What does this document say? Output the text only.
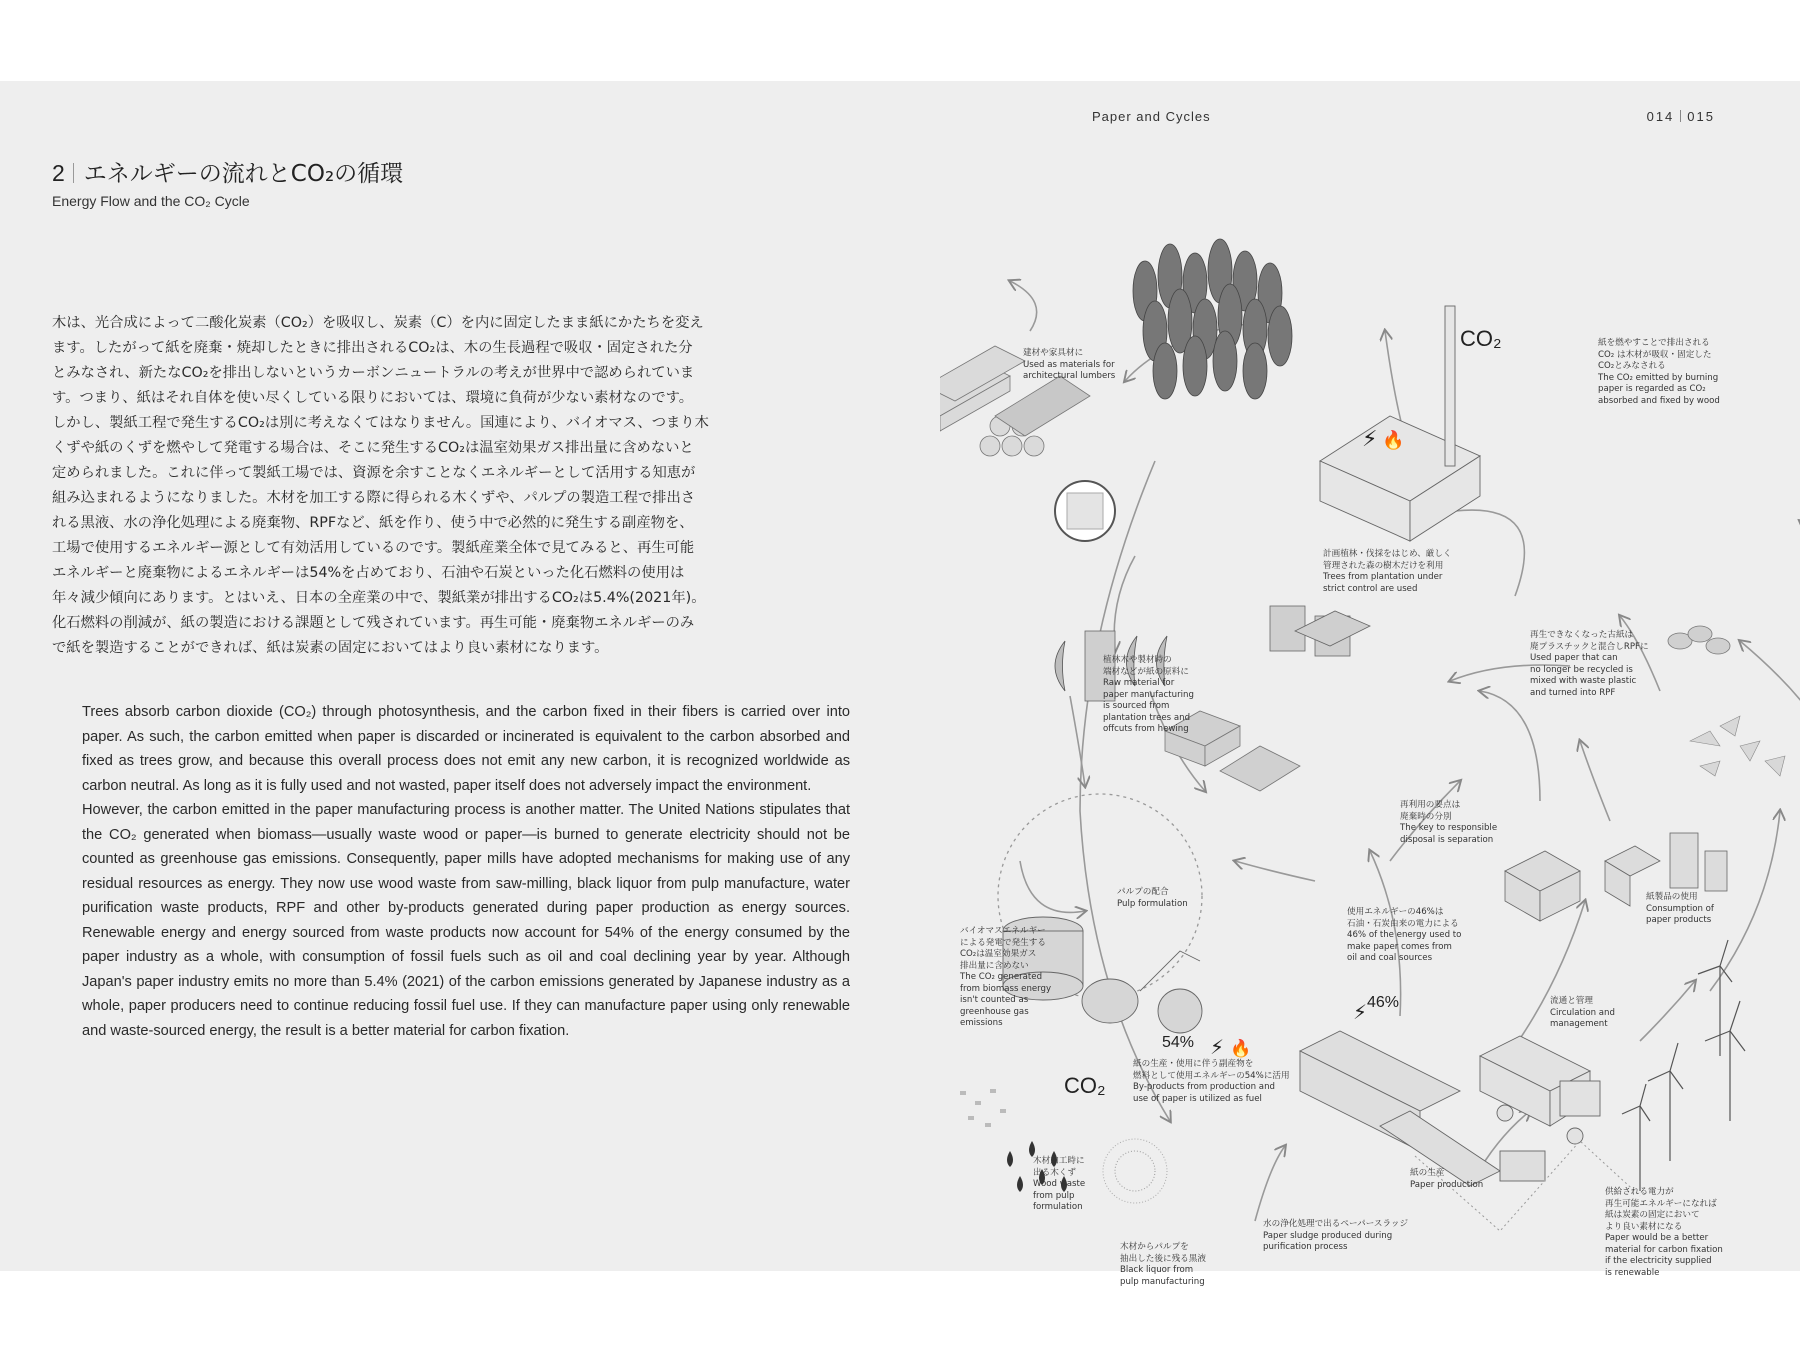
Paper and Cycles	014 015
2 エネルギーの流れとCO₂の循環
Energy Flow and the CO₂ Cycle

木は、光合成によって二酸化炭素（CO₂）を吸収し、炭素（C）を内に固定したまま紙にかたちを変え
ます。したがって紙を廃棄・焼却したときに排出されるCO₂は、木の生長過程で吸収・固定された分
とみなされ、新たなCO₂を排出しないというカーボンニュートラルの考えが世界中で認められていま
す。つまり、紙はそれ自体を使い尽くしている限りにおいては、環境に負荷が少ない素材なのです。

しかし、製紙工程で発生するCO₂は別に考えなくてはなりません。国連により、バイオマス、つまり木
くずや紙のくずを燃やして発電する場合は、そこに発生するCO₂は温室効果ガス排出量に含めないと
定められました。これに伴って製紙工場では、資源を余すことなくエネルギーとして活用する知恵が
組み込まれるようになりました。木材を加工する際に得られる木くずや、パルプの製造工程で排出さ
れる黒液、水の浄化処理による廃棄物、RPFなど、紙を作り、使う中で必然的に発生する副産物を、
工場で使用するエネルギー源として有効活用しているのです。製紙産業全体で見てみると、再生可能
エネルギーと廃棄物によるエネルギーは54%を占めており、石油や石炭といった化石燃料の使用は
年々減少傾向にあります。とはいえ、日本の全産業の中で、製紙業が排出するCO₂は5.4%(2021年)。
化石燃料の削減が、紙の製造における課題として残されています。再生可能・廃棄物エネルギーのみ
で紙を製造することができれば、紙は炭素の固定においてはより良い素材になります。

Trees absorb carbon dioxide (CO₂) through photosynthesis, and the carbon fixed in their fibers is carried over into paper. As such, the carbon emitted when paper is discarded or incinerated is equivalent to the carbon absorbed and fixed as trees grow, and because this overall process does not emit any new carbon, it is recognized worldwide as carbon neutral. As long as it is fully used and not wasted, paper itself does not adversely impact the environment.

However, the carbon emitted in the paper manufacturing process is another matter. The United Nations stipulates that the CO₂ generated when biomass—usually waste wood or paper—is burned to generate electricity should not be counted as greenhouse gas emissions. Consequently, paper mills have adopted mechanisms for making use of any residual resources as energy. They now use wood waste from saw-milling, black liquor from pulp manufacture, water purification waste products, RPF and other by-products generated during paper production as energy sources. Renewable energy and energy sourced from waste products now account for 54% of the energy consumed by the paper industry as a whole, with consumption of fossil fuels such as oil and coal declining year by year. Although Japan's paper industry emits no more than 5.4% (2021) of the carbon emissions generated by Japanese industry as a whole, paper producers need to continue reducing fossil fuel use. If they can manufacture paper using only renewable and waste-sourced energy, the result is a better material for carbon fixation.

⚡ 🔥
⚡ 🔥
⚡
CO₂
CO₂
54%
46%
建材や家具材に
Used as materials for
architectural lumbers
計画植林・伐採をはじめ、厳しく
管理された森の樹木だけを利用
Trees from plantation under
strict control are used
紙を燃やすことで排出される
CO₂ は木材が吸収・固定した
CO₂とみなされる
The CO₂ emitted by burning
paper is regarded as CO₂
absorbed and fixed by wood
植林木や製材時の
端材などが紙の原料に
Raw material for
paper manufacturing
is sourced from
plantation trees and
offcuts from hewing
再生できなくなった古紙は
廃プラスチックと混合しRPFに
Used paper that can
no longer be recycled is
mixed with waste plastic
and turned into RPF
再利用の要点は
廃棄時の分別
The key to responsible
disposal is separation
パルプの配合
Pulp formulation
紙製品の使用
Consumption of
paper products
使用エネルギーの46%は
石油・石炭由来の電力による
46% of the energy used to
make paper comes from
oil and coal sources
バイオマスエネルギー
による発電で発生する
CO₂は温室効果ガス
排出量に含めない
The CO₂ generated
from biomass energy
isn't counted as
greenhouse gas
emissions
流通と管理
Circulation and
management
紙の生産・使用に伴う副産物を
燃料として使用エネルギーの54%に活用
By-products from production and
use of paper is utilized as fuel
木材加工時に
出る木くず
Wood waste
from pulp
formulation
紙の生産
Paper production
水の浄化処理で出るペーパースラッジ
Paper sludge produced during
purification process
木材からパルプを
抽出した後に残る黒液
Black liquor from
pulp manufacturing
供給される電力が
再生可能エネルギーになれば
紙は炭素の固定において
より良い素材になる
Paper would be a better
material for carbon fixation
if the electricity supplied
is renewable
